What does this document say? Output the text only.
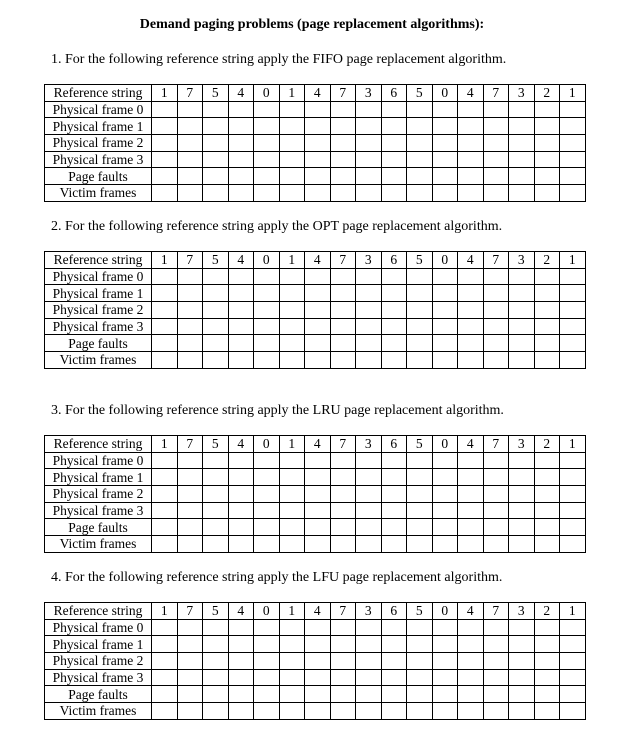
Demand paging problems (page replacement algorithms):
1. For the following reference string apply the FIFO page replacement algorithm.
Reference string	1	7	5	4	0	1	4	7	3	6	5	0	4	7	3	2	1
Physical frame 0																	
Physical frame 1																	
Physical frame 2																	
Physical frame 3																	
Page faults																	
Victim frames																	
2. For the following reference string apply the OPT page replacement algorithm.
Reference string	1	7	5	4	0	1	4	7	3	6	5	0	4	7	3	2	1
Physical frame 0																	
Physical frame 1																	
Physical frame 2																	
Physical frame 3																	
Page faults																	
Victim frames																	
3. For the following reference string apply the LRU page replacement algorithm.
Reference string	1	7	5	4	0	1	4	7	3	6	5	0	4	7	3	2	1
Physical frame 0																	
Physical frame 1																	
Physical frame 2																	
Physical frame 3																	
Page faults																	
Victim frames																	
4. For the following reference string apply the LFU page replacement algorithm.
Reference string	1	7	5	4	0	1	4	7	3	6	5	0	4	7	3	2	1
Physical frame 0																	
Physical frame 1																	
Physical frame 2																	
Physical frame 3																	
Page faults																	
Victim frames																	
